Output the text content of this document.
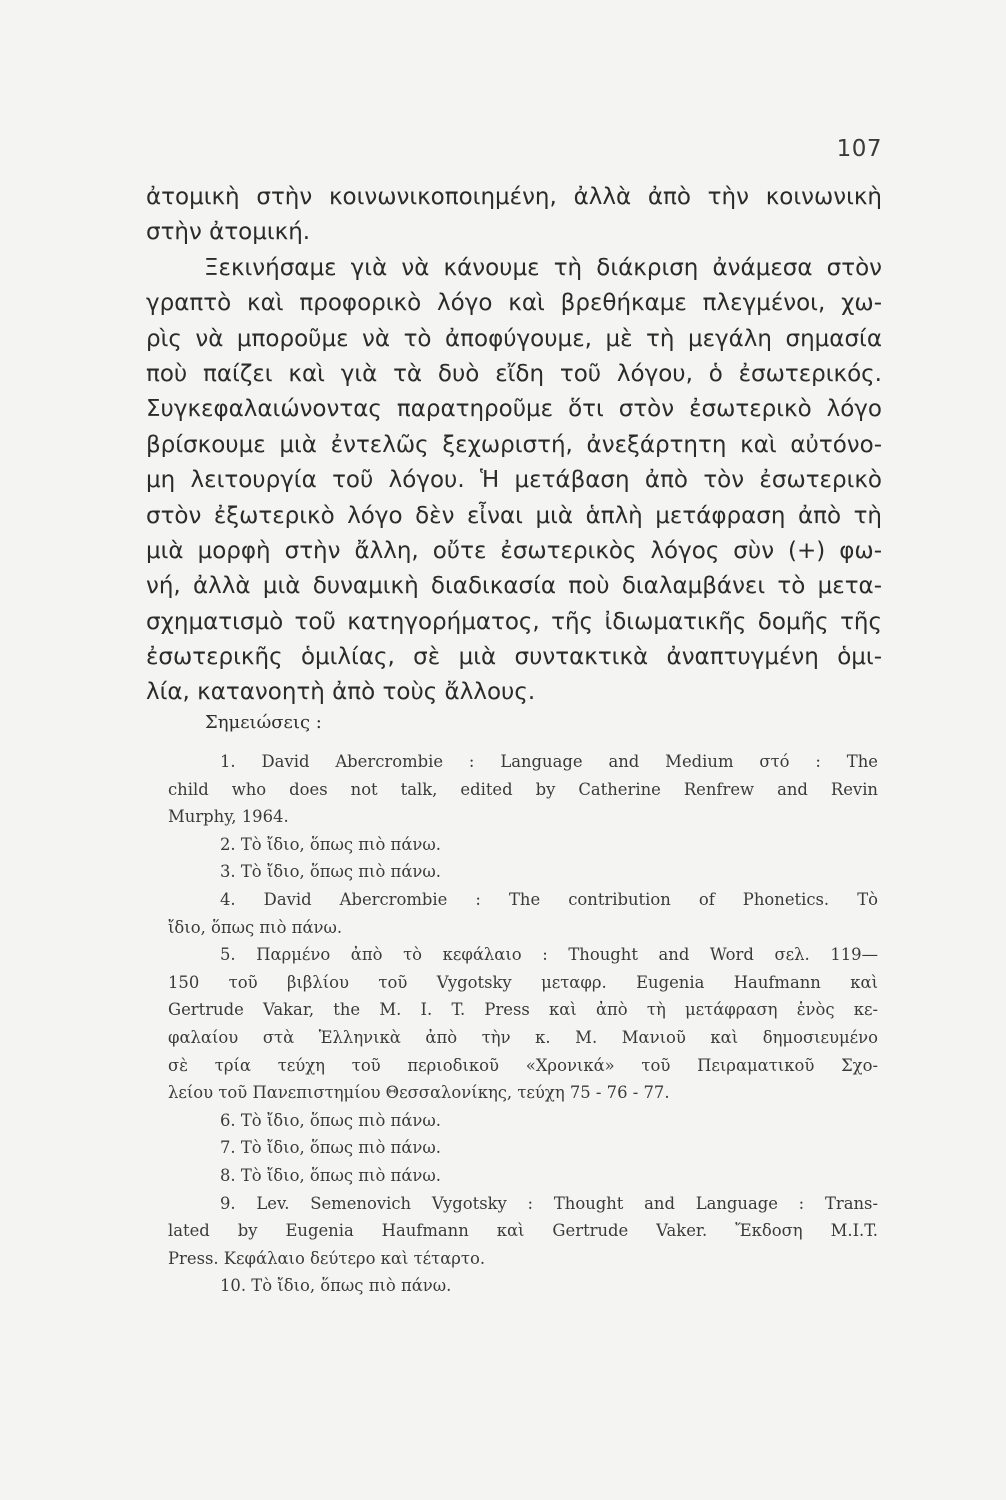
107
ἀτομικὴ στὴν κοινωνικοποιημένη, ἀλλὰ ἀπὸ τὴν κοινωνικὴ
στὴν ἀτομική.
Ξεκινήσαμε γιὰ νὰ κάνουμε τὴ διάκριση ἀνάμεσα στὸν
γραπτὸ καὶ προφορικὸ λόγο καὶ βρεθήκαμε πλεγμένοι, χω-
ρὶς νὰ μποροῦμε νὰ τὸ ἀποφύγουμε, μὲ τὴ μεγάλη σημασία
ποὺ παίζει καὶ γιὰ τὰ δυὸ εἴδη τοῦ λόγου, ὁ ἐσωτερικός.
Συγκεφαλαιώνοντας παρατηροῦμε ὅτι στὸν ἐσωτερικὸ λόγο
βρίσκουμε μιὰ ἐντελῶς ξεχωριστή, ἀνεξάρτητη καὶ αὐτόνο-
μη λειτουργία τοῦ λόγου. Ἡ μετάβαση ἀπὸ τὸν ἐσωτερικὸ
στὸν ἐξωτερικὸ λόγο δὲν εἶναι μιὰ ἁπλὴ μετάφραση ἀπὸ τὴ
μιὰ μορφὴ στὴν ἄλλη, οὔτε ἐσωτερικὸς λόγος σὺν (+) φω-
νή, ἀλλὰ μιὰ δυναμικὴ διαδικασία ποὺ διαλαμβάνει τὸ μετα-
σχηματισμὸ τοῦ κατηγορήματος, τῆς ἰδιωματικῆς δομῆς τῆς
ἐσωτερικῆς ὁμιλίας, σὲ μιὰ συντακτικὰ ἀναπτυγμένη ὁμι-
λία, κατανοητὴ ἀπὸ τοὺς ἄλλους.
Σημειώσεις :
1. David Abercrombie : Language and Medium στό : The
child who does not talk, edited by Catherine Renfrew and Revin
Murphy, 1964.
2. Τὸ ἴδιο, ὅπως πιὸ πάνω.
3. Τὸ ἴδιο, ὅπως πιὸ πάνω.
4. David Abercrombie : The contribution of Phonetics. Τὸ
ἴδιο, ὅπως πιὸ πάνω.
5. Παρμένο ἀπὸ τὸ κεφάλαιο : Thought and Word σελ. 119—
150 τοῦ βιβλίου τοῦ Vygotsky μεταφρ. Eugenia Haufmann καὶ
Gertrude Vakar, the M. I. T. Press καὶ ἀπὸ τὴ μετάφραση ἑνὸς κε-
φαλαίου στὰ Ἑλληνικὰ ἀπὸ τὴν κ. Μ. Μανιοῦ καὶ δημοσιευμένο
σὲ τρία τεύχη τοῦ περιοδικοῦ «Χρονικά» τοῦ Πειραματικοῦ Σχο-
λείου τοῦ Πανεπιστημίου Θεσσαλονίκης, τεύχη 75 - 76 - 77.
6. Τὸ ἴδιο, ὅπως πιὸ πάνω.
7. Τὸ ἴδιο, ὅπως πιὸ πάνω.
8. Τὸ ἴδιο, ὅπως πιὸ πάνω.
9. Lev. Semenovich Vygotsky : Thought and Language : Trans-
lated by Eugenia Haufmann καὶ Gertrude Vaker. Ἔκδοση M.I.T.
Press. Κεφάλαιο δεύτερο καὶ τέταρτο.
10. Τὸ ἴδιο, ὅπως πιὸ πάνω.
